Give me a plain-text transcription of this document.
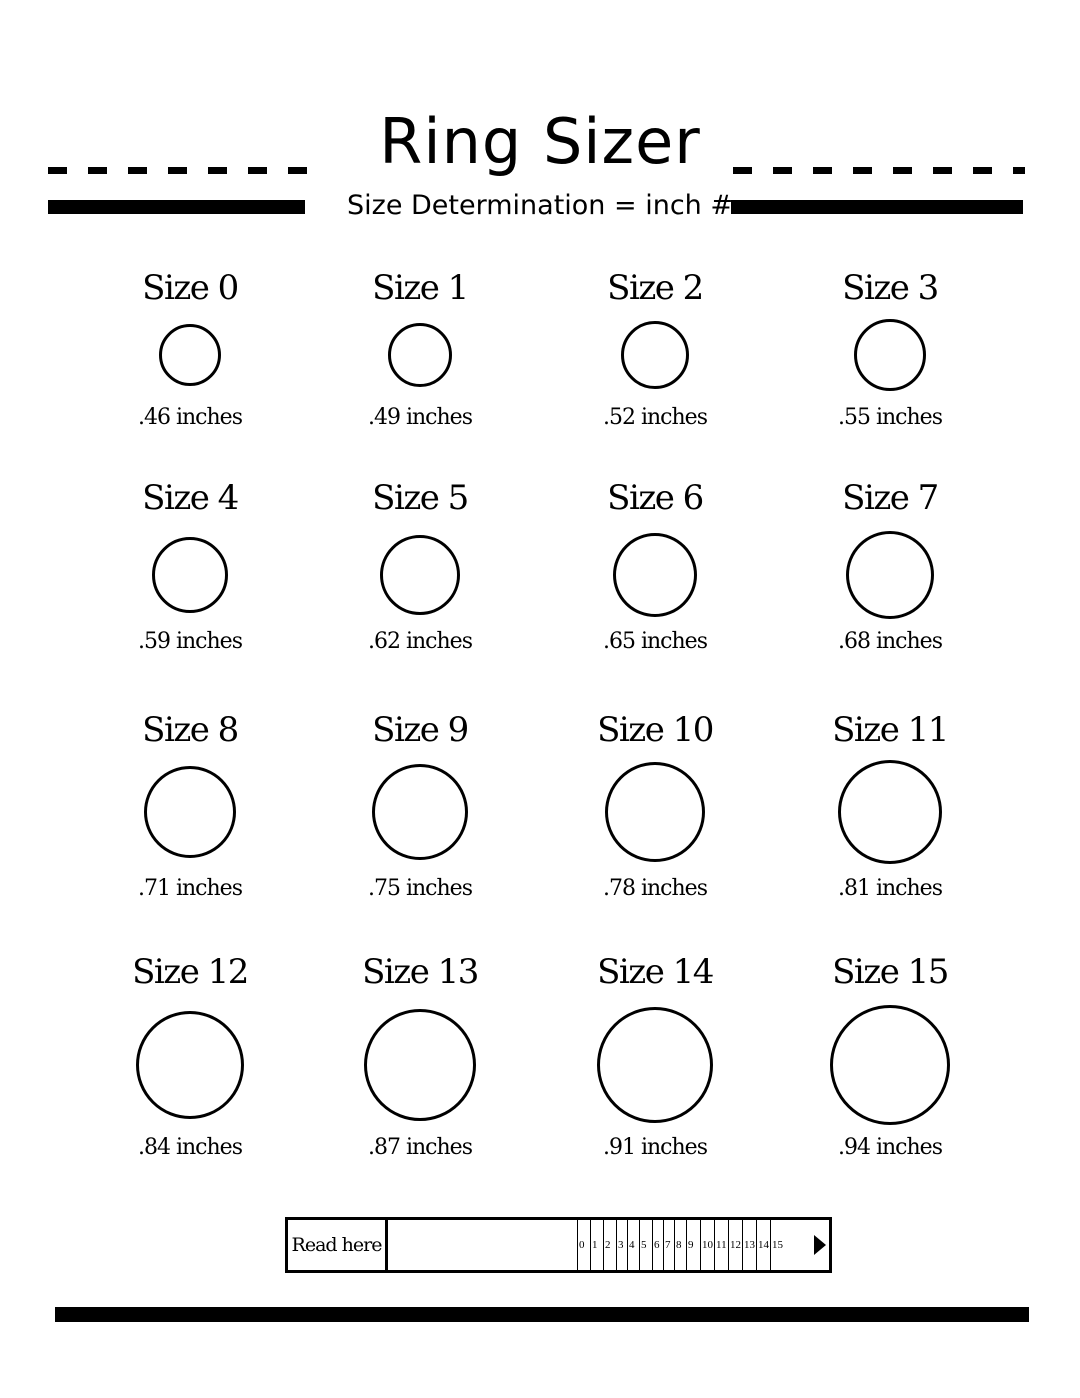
Ring Sizer
Size Determination = inch #
Size 0
.46 inches
Size 1
.49 inches
Size 2
.52 inches
Size 3
.55 inches
Size 4
.59 inches
Size 5
.62 inches
Size 6
.65 inches
Size 7
.68 inches
Size 8
.71 inches
Size 9
.75 inches
Size 10
.78 inches
Size 11
.81 inches
Size 12
.84 inches
Size 13
.87 inches
Size 14
.91 inches
Size 15
.94 inches
Read here	0 1 2 3 4 5 6 7 8 9 10 11 12 13 14 15
